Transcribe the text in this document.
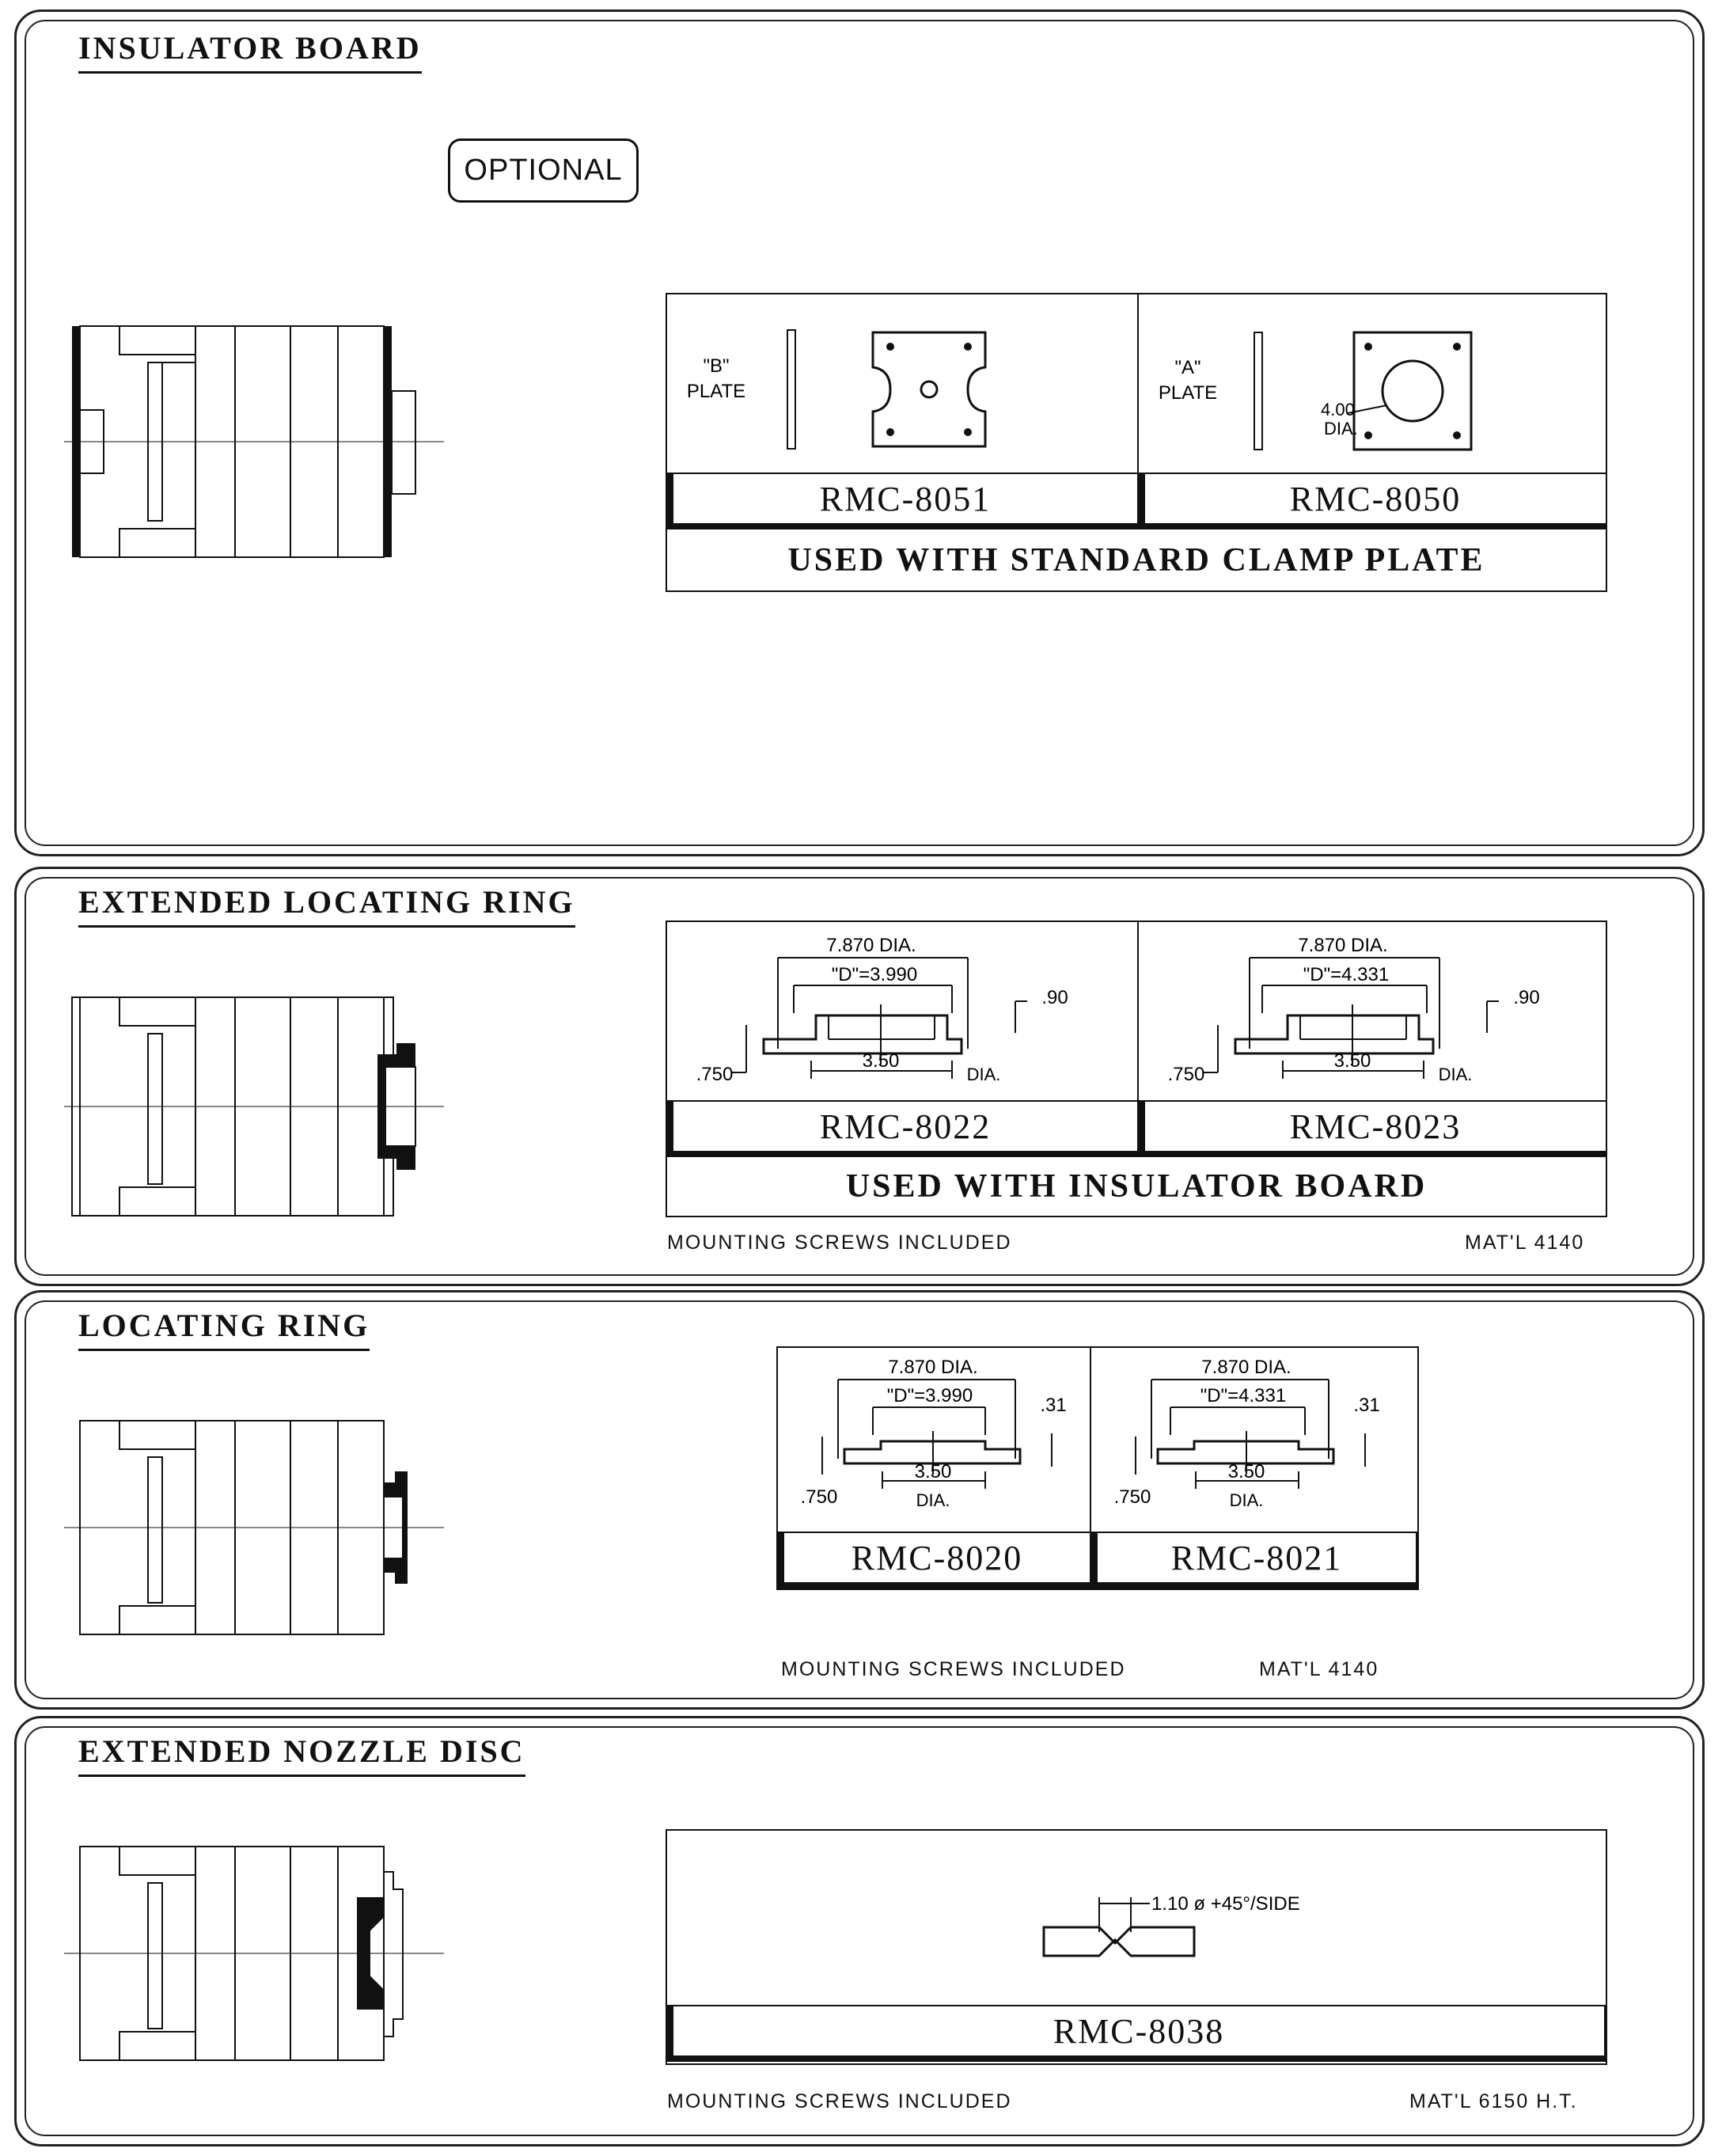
INSULATOR BOARD
OPTIONAL
"B"
PLATE
"A"
PLATE
4.00
DIA.
RMC-8051	RMC-8050
USED WITH STANDARD CLAMP PLATE
EXTENDED LOCATING RING
7.870 DIA.
"D"=3.990
.90
.750
3.50
DIA.
7.870 DIA.
"D"=4.331
.90
.750
3.50
DIA.
RMC-8022	RMC-8023
USED WITH INSULATOR BOARD
MOUNTING SCREWS INCLUDED	MAT'L 4140
LOCATING RING
7.870 DIA.
"D"=3.990	.31
.750
3.50
DIA.
7.870 DIA.
"D"=4.331	.31
.750
3.50
DIA.
RMC-8020	RMC-8021
MOUNTING SCREWS INCLUDED	MAT'L 4140
EXTENDED NOZZLE DISC
1.10 ø +45°/SIDE
RMC-8038
MOUNTING SCREWS INCLUDED	MAT'L 6150 H.T.
